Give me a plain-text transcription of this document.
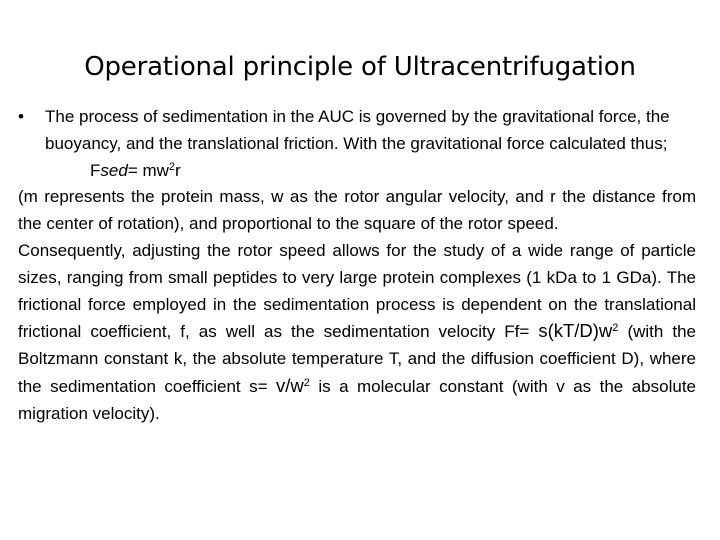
Operational principle of Ultracentrifugation
•	The process of sedimentation in the AUC is governed by the gravitational force, the buoyancy, and the translational friction. With the gravitational force calculated thus;
Fsed= $mw^2r$
(m represents the protein mass, w as the rotor angular velocity, and r the distance from the center of rotation), and proportional to the square of the rotor speed.
Consequently, adjusting the rotor speed allows for the study of a wide range of particle sizes, ranging from small peptides to very large protein complexes (1 kDa to 1 GDa). The frictional force employed in the sedimentation process is dependent on the translational frictional coefficient, f, as well as the sedimentation velocity $Ff= s(kT/D)w^2$ (with the Boltzmann constant k, the absolute temperature T, and the diffusion coefficient D), where the sedimentation coefficient $s= v/w^2$ is a molecular constant (with v as the absolute migration velocity).
